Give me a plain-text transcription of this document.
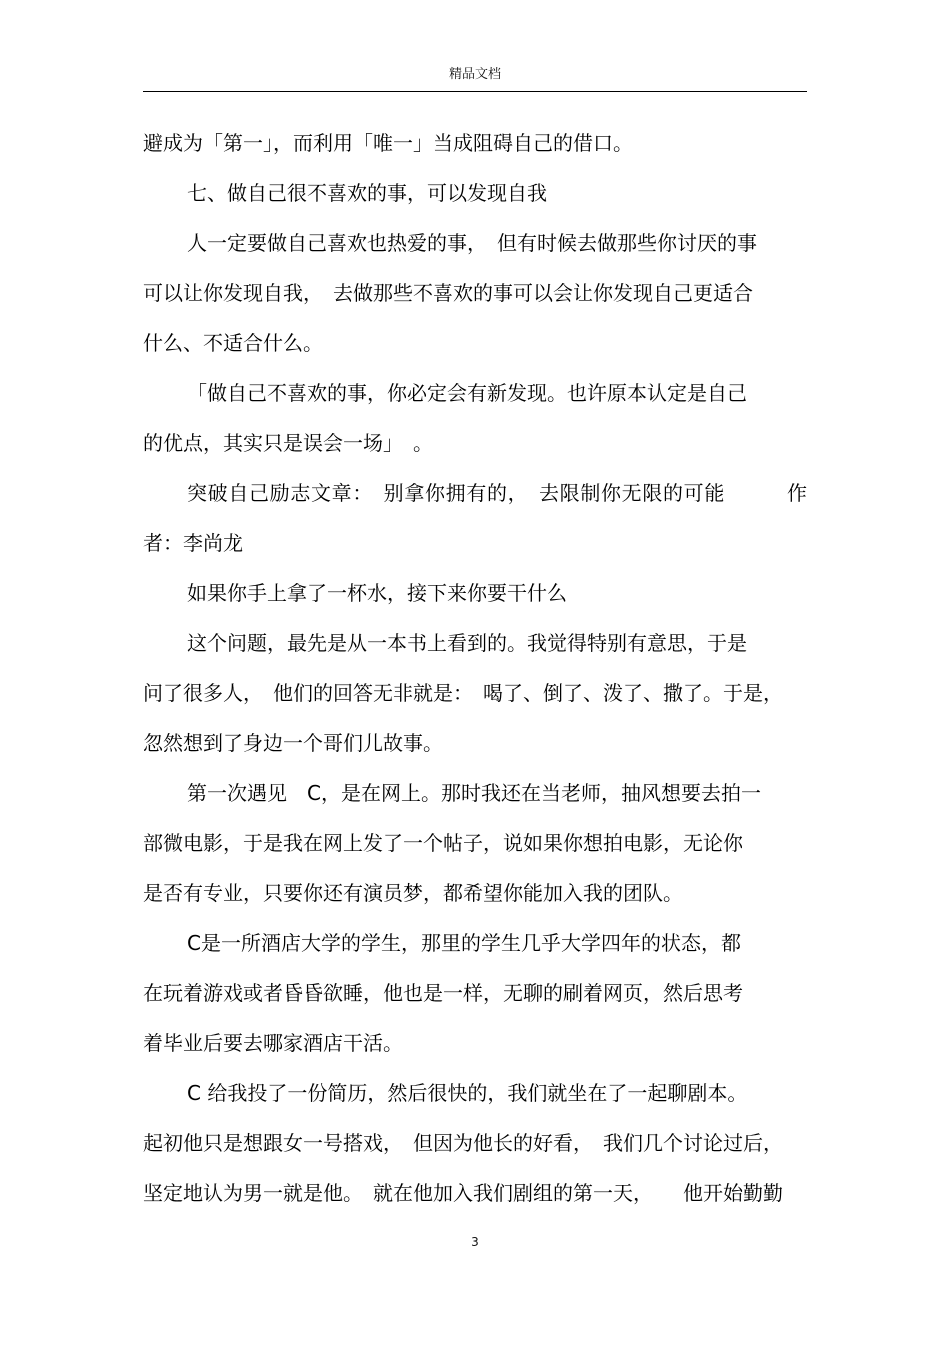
精品文档
避成为「第一」，而利用「唯一」当成阻碍自己的借口。
七、做自己很不喜欢的事，可以发现自我
人一定要做自己喜欢也热爱的事，　但有时候去做那些你讨厌的事
可以让你发现自我，　去做那些不喜欢的事可以会让你发现自己更适合
什么、不适合什么。
「做自己不喜欢的事，你必定会有新发现。也许原本认定是自己
的优点，其实只是误会一场」　。
突破自己励志文章：　别拿你拥有的，　去限制你无限的可能　　　作
者：李尚龙
如果你手上拿了一杯水，接下来你要干什么
这个问题，最先是从一本书上看到的。我觉得特别有意思，于是
问了很多人，　他们的回答无非就是：　喝了、倒了、泼了、撒了。于是，
忽然想到了身边一个哥们儿故事。
第一次遇见　C，是在网上。那时我还在当老师，抽风想要去拍一
部微电影，于是我在网上发了一个帖子，说如果你想拍电影，无论你
是否有专业，只要你还有演员梦，都希望你能加入我的团队。
C是一所酒店大学的学生，那里的学生几乎大学四年的状态，都
在玩着游戏或者昏昏欲睡，他也是一样，无聊的刷着网页，然后思考
着毕业后要去哪家酒店干活。
C 给我投了一份简历，然后很快的，我们就坐在了一起聊剧本。
起初他只是想跟女一号搭戏，　但因为他长的好看，　我们几个讨论过后，
坚定地认为男一就是他。　就在他加入我们剧组的第一天，　　他开始勤勤
3
